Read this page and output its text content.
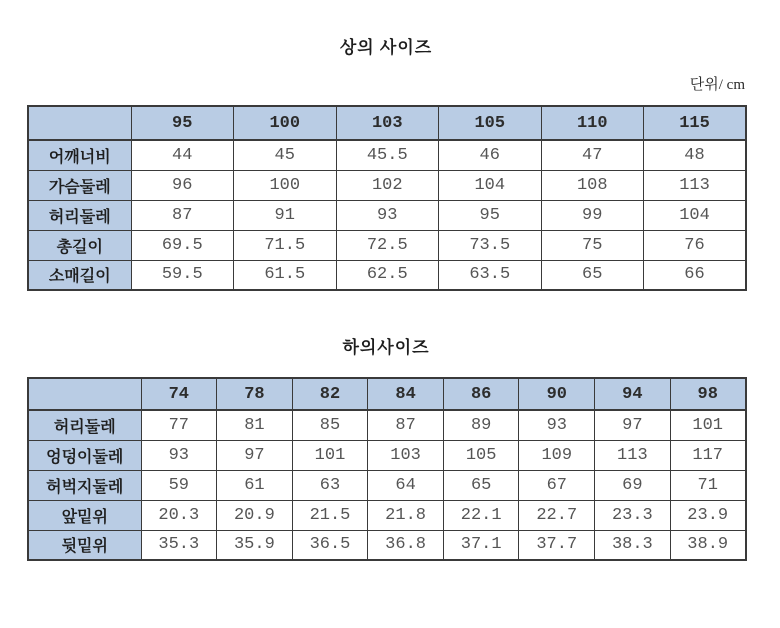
상의 사이즈
단위/ cm
	95	100	103	105	110	115
어깨너비	44	45	45.5	46	47	48
가슴둘레	96	100	102	104	108	113
허리둘레	87	91	93	95	99	104
총길이	69.5	71.5	72.5	73.5	75	76
소매길이	59.5	61.5	62.5	63.5	65	66
하의사이즈
	74	78	82	84	86	90	94	98
허리둘레	77	81	85	87	89	93	97	101
엉덩이둘레	93	97	101	103	105	109	113	117
허벅지둘레	59	61	63	64	65	67	69	71
앞밑위	20.3	20.9	21.5	21.8	22.1	22.7	23.3	23.9
뒷밑위	35.3	35.9	36.5	36.8	37.1	37.7	38.3	38.9
